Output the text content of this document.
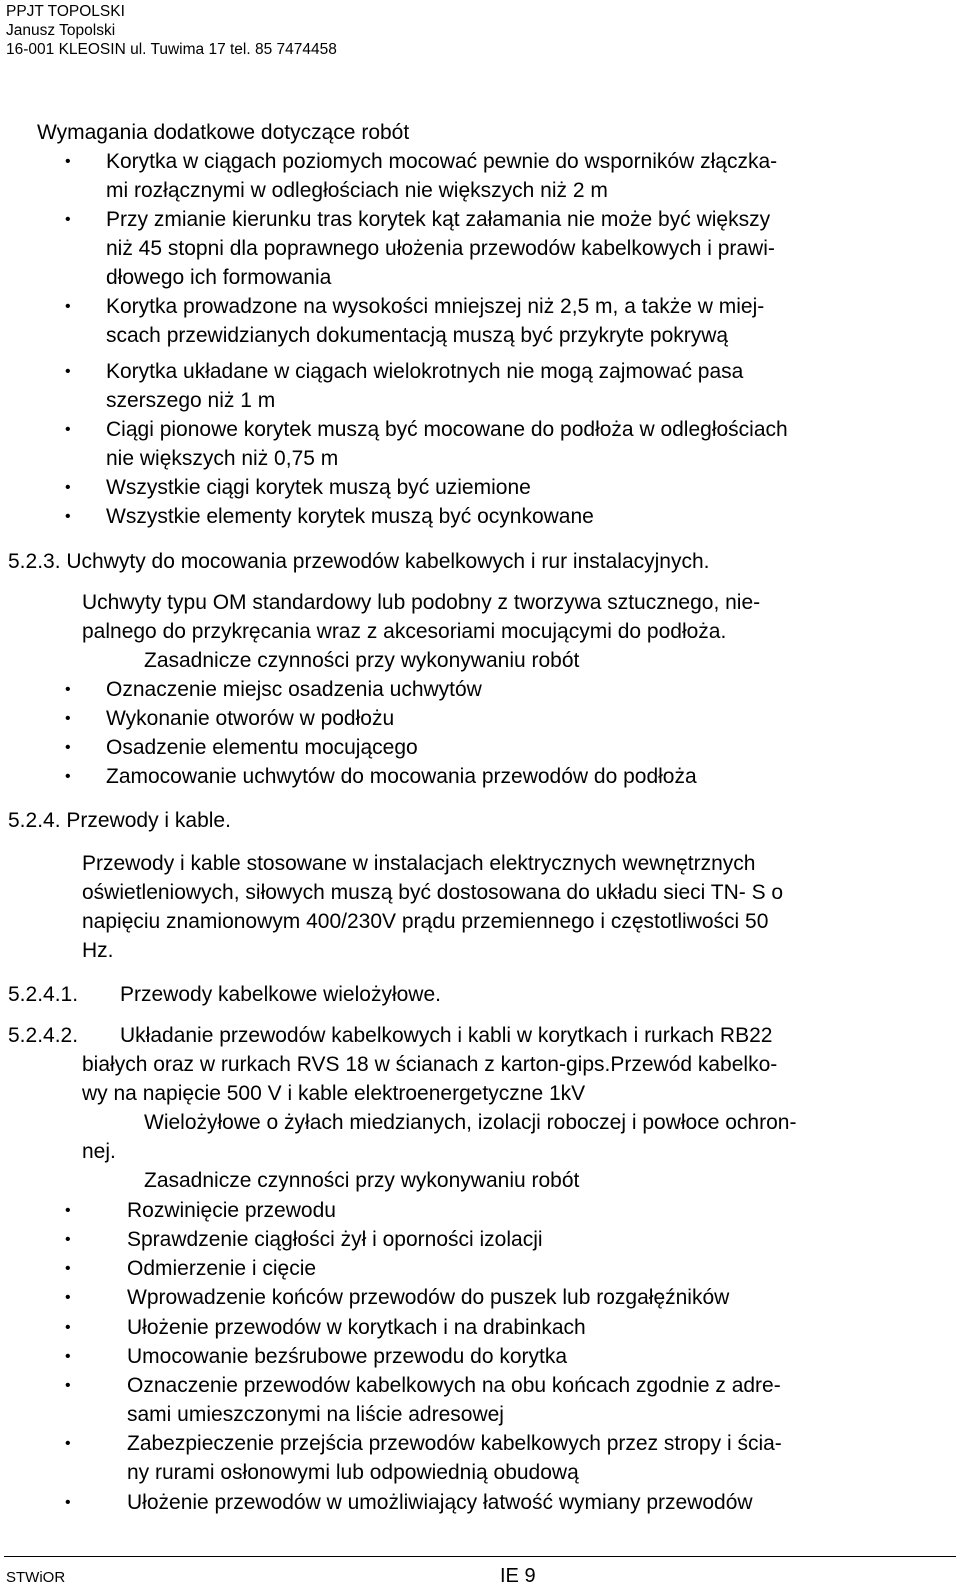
PPJT TOPOLSKI
Janusz Topolski
16-001 KLEOSIN ul. Tuwima 17 tel. 85 7474458
Wymagania dodatkowe dotyczące robót
• Korytka w ciągach poziomych mocować pewnie do wsporników złączka-
mi rozłącznymi w odległościach nie większych niż 2 m
• Przy zmianie kierunku tras korytek kąt załamania nie może być większy
niż 45 stopni dla poprawnego ułożenia przewodów kabelkowych i prawi-
dłowego ich formowania
• Korytka prowadzone na wysokości mniejszej niż 2,5 m, a także w miej-
scach przewidzianych dokumentacją muszą być przykryte pokrywą
• Korytka układane w ciągach wielokrotnych nie mogą zajmować pasa
szerszego niż 1 m
• Ciągi pionowe korytek muszą być mocowane do podłoża w odległościach
nie większych niż 0,75 m
• Wszystkie ciągi korytek muszą być uziemione
• Wszystkie elementy korytek muszą być ocynkowane
5.2.3. Uchwyty do mocowania przewodów kabelkowych i rur instalacyjnych.
Uchwyty typu OM standardowy lub podobny z tworzywa sztucznego, nie-
palnego do przykręcania wraz z akcesoriami mocującymi do podłoża.
Zasadnicze czynności przy wykonywaniu robót
• Oznaczenie miejsc osadzenia uchwytów
• Wykonanie otworów w podłożu
• Osadzenie elementu mocującego
• Zamocowanie uchwytów do mocowania przewodów do podłoża
5.2.4. Przewody i kable.
Przewody i kable stosowane w instalacjach elektrycznych wewnętrznych
oświetleniowych, siłowych muszą być dostosowana do układu sieci TN- S o
napięciu znamionowym 400/230V prądu przemiennego i częstotliwości 50
Hz.
5.2.4.1. Przewody kabelkowe wielożyłowe.
5.2.4.2. Układanie przewodów kabelkowych i kabli w korytkach i rurkach RB22
białych oraz w rurkach RVS 18 w ścianach z karton-gips.Przewód kabelko-
wy na napięcie 500 V i kable elektroenergetyczne 1kV
Wielożyłowe o żyłach miedzianych, izolacji roboczej i powłoce ochron-
nej.
Zasadnicze czynności przy wykonywaniu robót
•	Rozwinięcie przewodu
•	Sprawdzenie ciągłości żył i oporności izolacji
•	Odmierzenie i cięcie
•	Wprowadzenie końców przewodów do puszek lub rozgałęźników
•	Ułożenie przewodów w korytkach i na drabinkach
•	Umocowanie bezśrubowe przewodu do korytka
•	Oznaczenie przewodów kabelkowych na obu końcach zgodnie z adre-
sami umieszczonymi na liście adresowej
•	Zabezpieczenie przejścia przewodów kabelkowych przez stropy i ścia-
ny rurami osłonowymi lub odpowiednią obudową
•	Ułożenie przewodów w umożliwiający łatwość wymiany przewodów
STWiOR	IE 9
